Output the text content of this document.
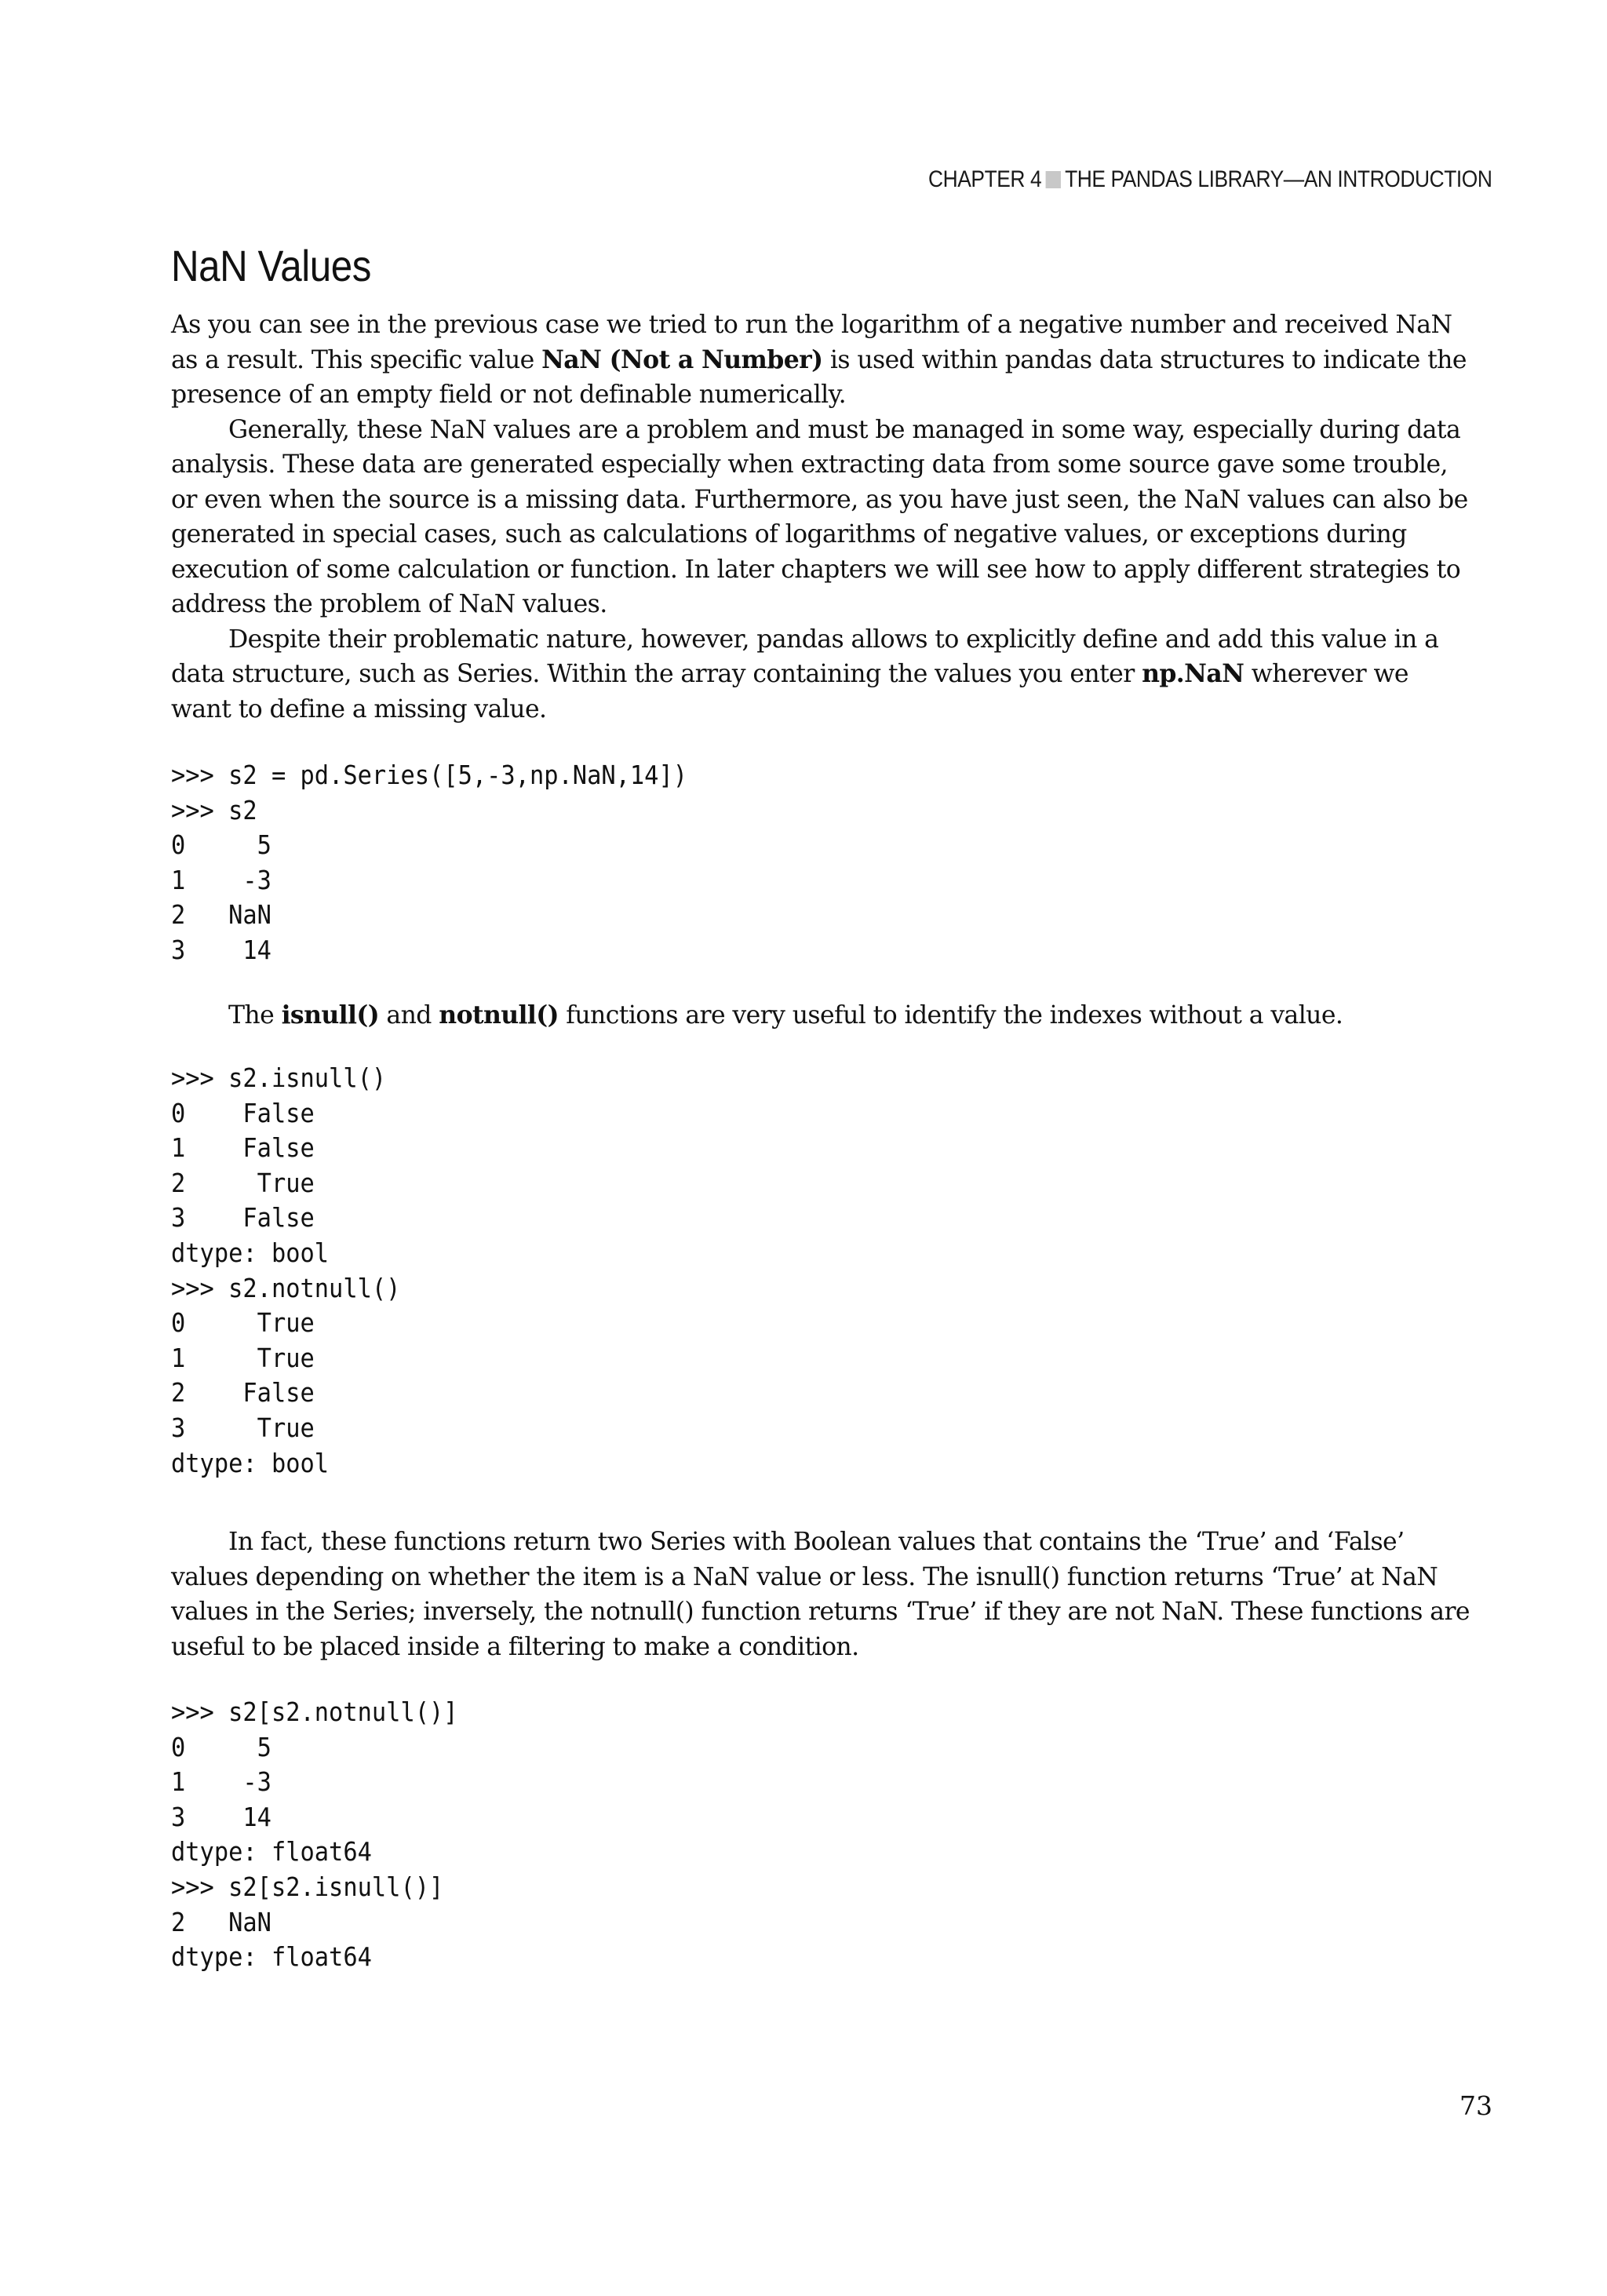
CHAPTER 4 THE PANDAS LIBRARY—AN INTRODUCTION
NaN Values

As you can see in the previous case we tried to run the logarithm of a negative number and received NaN as a result. This specific value NaN (Not a Number) is used within pandas data structures to indicate the presence of an empty field or not definable numerically.

Generally, these NaN values are a problem and must be managed in some way, especially during data analysis. These data are generated especially when extracting data from some source gave some trouble, or even when the source is a missing data. Furthermore, as you have just seen, the NaN values can also be generated in special cases, such as calculations of logarithms of negative values, or exceptions during execution of some calculation or function. In later chapters we will see how to apply different strategies to address the problem of NaN values.

Despite their problematic nature, however, pandas allows to explicitly define and add this value in a data structure, such as Series. Within the array containing the values you enter np.NaN wherever we want to define a missing value.

>>> s2 = pd.Series([5,-3,np.NaN,14])
>>> s2
0     5
1    -3
2   NaN
3    14

The isnull() and notnull() functions are very useful to identify the indexes without a value.

>>> s2.isnull()
0    False
1    False
2     True
3    False
dtype: bool
>>> s2.notnull()
0     True
1     True
2    False
3     True
dtype: bool

In fact, these functions return two Series with Boolean values that contains the ‘True’ and ‘False’ values depending on whether the item is a NaN value or less. The isnull() function returns ‘True’ at NaN values in the Series; inversely, the notnull() function returns ‘True’ if they are not NaN. These functions are useful to be placed inside a filtering to make a condition.

>>> s2[s2.notnull()]
0     5
1    -3
3    14
dtype: float64
>>> s2[s2.isnull()]
2   NaN
dtype: float64
73
